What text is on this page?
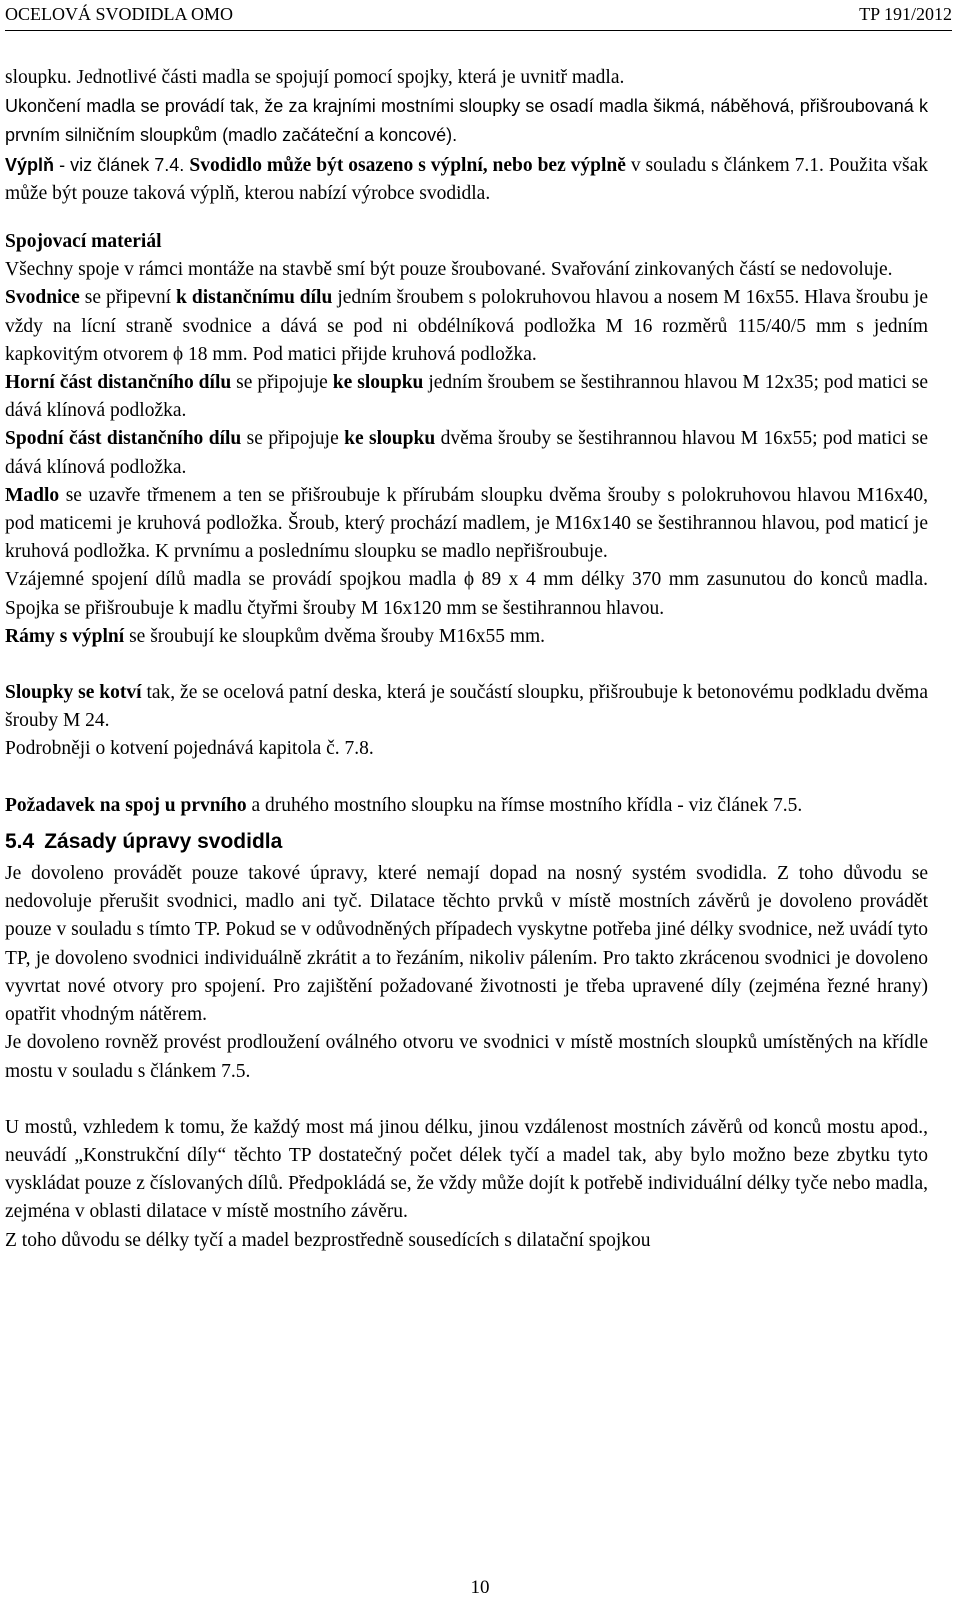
OCELOVÁ SVODIDLA OMO	TP 191/2012

sloupku. Jednotlivé části madla se spojují pomocí spojky, která je uvnitř madla.

Ukončení madla se provádí tak, že za krajními mostními sloupky se osadí madla šikmá, náběhová, přišroubovaná k prvním silničním sloupkům (madlo začáteční a koncové).

Výplň - viz článek 7.4. Svodidlo může být osazeno s výplní, nebo bez výplně v souladu s článkem 7.1. Použita však může být pouze taková výplň, kterou nabízí výrobce svodidla.

Spojovací materiál

Všechny spoje v rámci montáže na stavbě smí být pouze šroubované. Svařování zinkovaných částí se nedovoluje.

Svodnice se připevní k distančnímu dílu jedním šroubem s polokruhovou hlavou a nosem M 16x55. Hlava šroubu je vždy na lícní straně svodnice a dává se pod ni obdélníková podložka M 16 rozměrů 115/40/5 mm s jedním kapkovitým otvorem ϕ 18 mm. Pod matici přijde kruhová podložka.

Horní část distančního dílu se připojuje ke sloupku jedním šroubem se šestihrannou hlavou M 12x35; pod matici se dává klínová podložka.

Spodní část distančního dílu se připojuje ke sloupku dvěma šrouby se šestihrannou hlavou M 16x55; pod matici se dává klínová podložka.

Madlo se uzavře třmenem a ten se přišroubuje k přírubám sloupku dvěma šrouby s polokruhovou hlavou M16x40, pod maticemi je kruhová podložka. Šroub, který prochází madlem, je M16x140 se šestihrannou hlavou, pod maticí je kruhová podložka. K prvnímu a poslednímu sloupku se madlo nepřišroubuje.

Vzájemné spojení dílů madla se provádí spojkou madla ϕ 89 x 4 mm délky 370 mm zasunutou do konců madla. Spojka se přišroubuje k madlu čtyřmi šrouby M 16x120 mm se šestihrannou hlavou.

Rámy s výplní se šroubují ke sloupkům dvěma šrouby M16x55 mm.

Sloupky se kotví tak, že se ocelová patní deska, která je součástí sloupku, přišroubuje k betonovému podkladu dvěma šrouby M 24.

Podrobněji o kotvení pojednává kapitola č. 7.8.

Požadavek na spoj u prvního a druhého mostního sloupku na římse mostního křídla - viz článek 7.5.

5.4 Zásady úpravy svodidla

Je dovoleno provádět pouze takové úpravy, které nemají dopad na nosný systém svodidla. Z toho důvodu se nedovoluje přerušit svodnici, madlo ani tyč. Dilatace těchto prvků v místě mostních závěrů je dovoleno provádět pouze v souladu s tímto TP. Pokud se v odůvodněných případech vyskytne potřeba jiné délky svodnice, než uvádí tyto TP, je dovoleno svodnici individuálně zkrátit a to řezáním, nikoliv pálením. Pro takto zkrácenou svodnici je dovoleno vyvrtat nové otvory pro spojení. Pro zajištění požadované životnosti je třeba upravené díly (zejména řezné hrany) opatřit vhodným nátěrem.

Je dovoleno rovněž provést prodloužení oválného otvoru ve svodnici v místě mostních sloupků umístěných na křídle mostu v souladu s článkem 7.5.

U mostů, vzhledem k tomu, že každý most má jinou délku, jinou vzdálenost mostních závěrů od konců mostu apod., neuvádí „Konstrukční díly“ těchto TP dostatečný počet délek tyčí a madel tak, aby bylo možno beze zbytku tyto vyskládat pouze z číslovaných dílů. Předpokládá se, že vždy může dojít k potřebě individuální délky tyče nebo madla, zejména v oblasti dilatace v místě mostního závěru.

Z toho důvodu se délky tyčí a madel bezprostředně sousedících s dilatační spojkou

10
